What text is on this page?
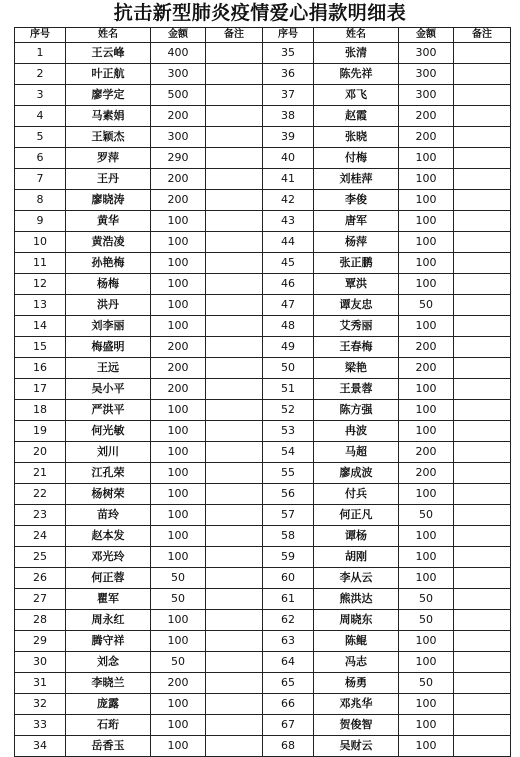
抗击新型肺炎疫情爱心捐款明细表
序号	姓名	金额	备注	序号	姓名	金额	备注
1	王云峰	400		35	张清	300	
2	叶正航	300		36	陈先祥	300	
3	廖学定	500		37	邓飞	300	
4	马素娟	200		38	赵霞	200	
5	王颖杰	300		39	张晓	200	
6	罗萍	290		40	付梅	100	
7	王丹	200		41	刘桂萍	100	
8	廖晓涛	200		42	李俊	100	
9	黄华	100		43	唐军	100	
10	黄浩凌	100		44	杨萍	100	
11	孙艳梅	100		45	张正鹏	100	
12	杨梅	100		46	覃洪	100	
13	洪丹	100		47	谭友忠	50	
14	刘李丽	100		48	艾秀丽	100	
15	梅盛明	200		49	王春梅	200	
16	王远	200		50	梁艳	200	
17	吴小平	200		51	王景蓉	100	
18	严洪平	100		52	陈方强	100	
19	何光敏	100		53	冉波	100	
20	刘川	100		54	马超	200	
21	江孔荣	100		55	廖成波	200	
22	杨树荣	100		56	付兵	100	
23	苗玲	100		57	何正凡	50	
24	赵本发	100		58	谭杨	100	
25	邓光玲	100		59	胡刚	100	
26	何正蓉	50		60	李从云	100	
27	瞿军	50		61	熊洪达	50	
28	周永红	100		62	周晓东	50	
29	腾守祥	100		63	陈鲲	100	
30	刘念	50		64	冯志	100	
31	李晓兰	200		65	杨勇	50	
32	庞露	100		66	邓兆华	100	
33	石珩	100		67	贺俊智	100	
34	岳香玉	100		68	吴财云	100	
